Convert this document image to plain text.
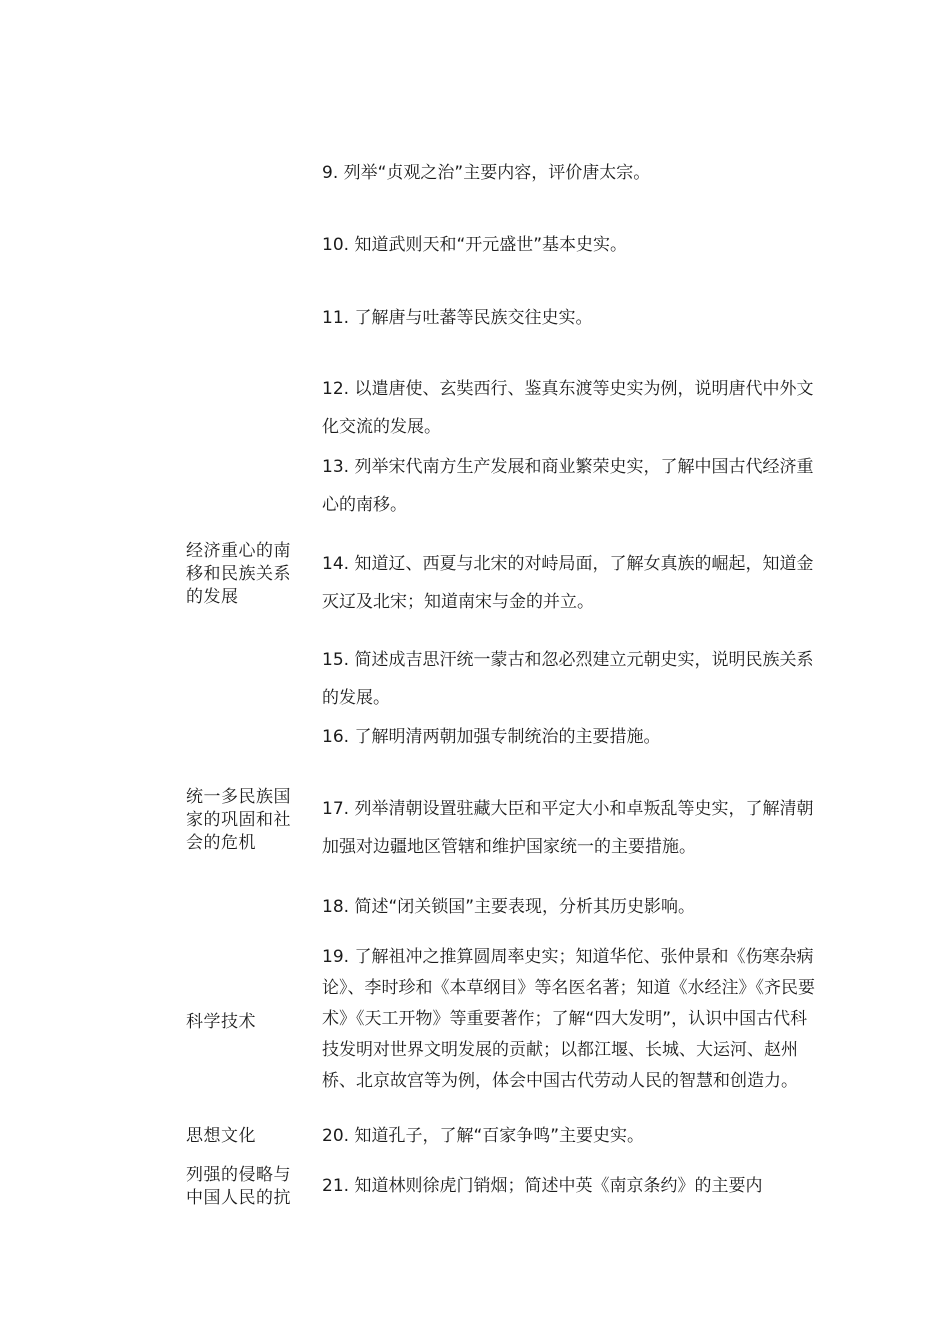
9. 列举“贞观之治”主要内容，评价唐太宗。
10. 知道武则天和“开元盛世”基本史实。
11. 了解唐与吐蕃等民族交往史实。
12. 以遣唐使、玄奘西行、鉴真东渡等史实为例，说明唐代中外文化交流的发展。
13. 列举宋代南方生产发展和商业繁荣史实，了解中国古代经济重心的南移。
经济重心的南移和民族关系的发展
14. 知道辽、西夏与北宋的对峙局面，了解女真族的崛起，知道金灭辽及北宋；知道南宋与金的并立。
15. 简述成吉思汗统一蒙古和忽必烈建立元朝史实，说明民族关系的发展。
16. 了解明清两朝加强专制统治的主要措施。
统一多民族国家的巩固和社会的危机
17. 列举清朝设置驻藏大臣和平定大小和卓叛乱等史实，了解清朝加强对边疆地区管辖和维护国家统一的主要措施。
18. 简述“闭关锁国”主要表现，分析其历史影响。
科学技术
19. 了解祖冲之推算圆周率史实；知道华佗、张仲景和《伤寒杂病论》、李时珍和《本草纲目》等名医名著；知道《水经注》《齐民要术》《天工开物》等重要著作；了解“四大发明”，认识中国古代科技发明对世界文明发展的贡献；以都江堰、长城、大运河、赵州桥、北京故宫等为例，体会中国古代劳动人民的智慧和创造力。
思想文化	20. 知道孔子，了解“百家争鸣”主要史实。
列强的侵略与中国人民的抗
21. 知道林则徐虎门销烟；简述中英《南京条约》的主要内
